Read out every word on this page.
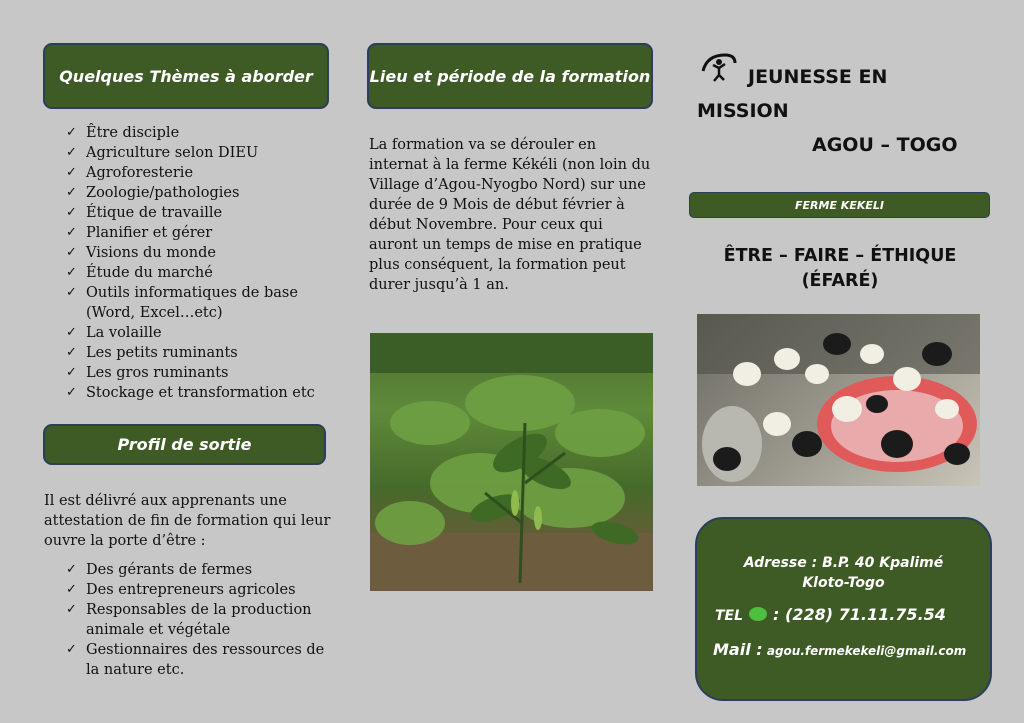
Quelques Thèmes à aborder
✓ Être disciple
✓ Agriculture selon DIEU
✓ Agroforesterie
✓ Zoologie/pathologies
✓ Étique de travaille
✓ Planifier et gérer
✓ Visions du monde
✓ Étude du marché
✓ Outils informatiques de base (Word, Excel…etc)
✓ La volaille
✓ Les petits ruminants
✓ Les gros ruminants
✓ Stockage et transformation etc
Profil de sortie

Il est délivré aux apprenants une attestation de fin de formation qui leur ouvre la porte d’être :

✓ Des gérants de fermes
✓ Des entrepreneurs agricoles
✓ Responsables de la production animale et végétale
✓ Gestionnaires des ressources de la nature etc.
Lieu et période de la formation

La formation va se dérouler en internat à la ferme Kékéli (non loin du Village d’Agou-Nyogbo Nord) sur une durée de 9 Mois de début février à début Novembre. Pour ceux qui auront un temps de mise en pratique plus conséquent, la formation peut durer jusqu’à 1 an.

JEUNESSE EN
MISSION
AGOU – TOGO
FERME KEKELI
ÊTRE – FAIRE – ÉTHIQUE
(ÉFARÉ)
Adresse : B.P. 40 Kpalimé
Kloto-Togo
TEL : (228) 71.11.75.54
Mail : agou.fermekekeli@gmail.com
